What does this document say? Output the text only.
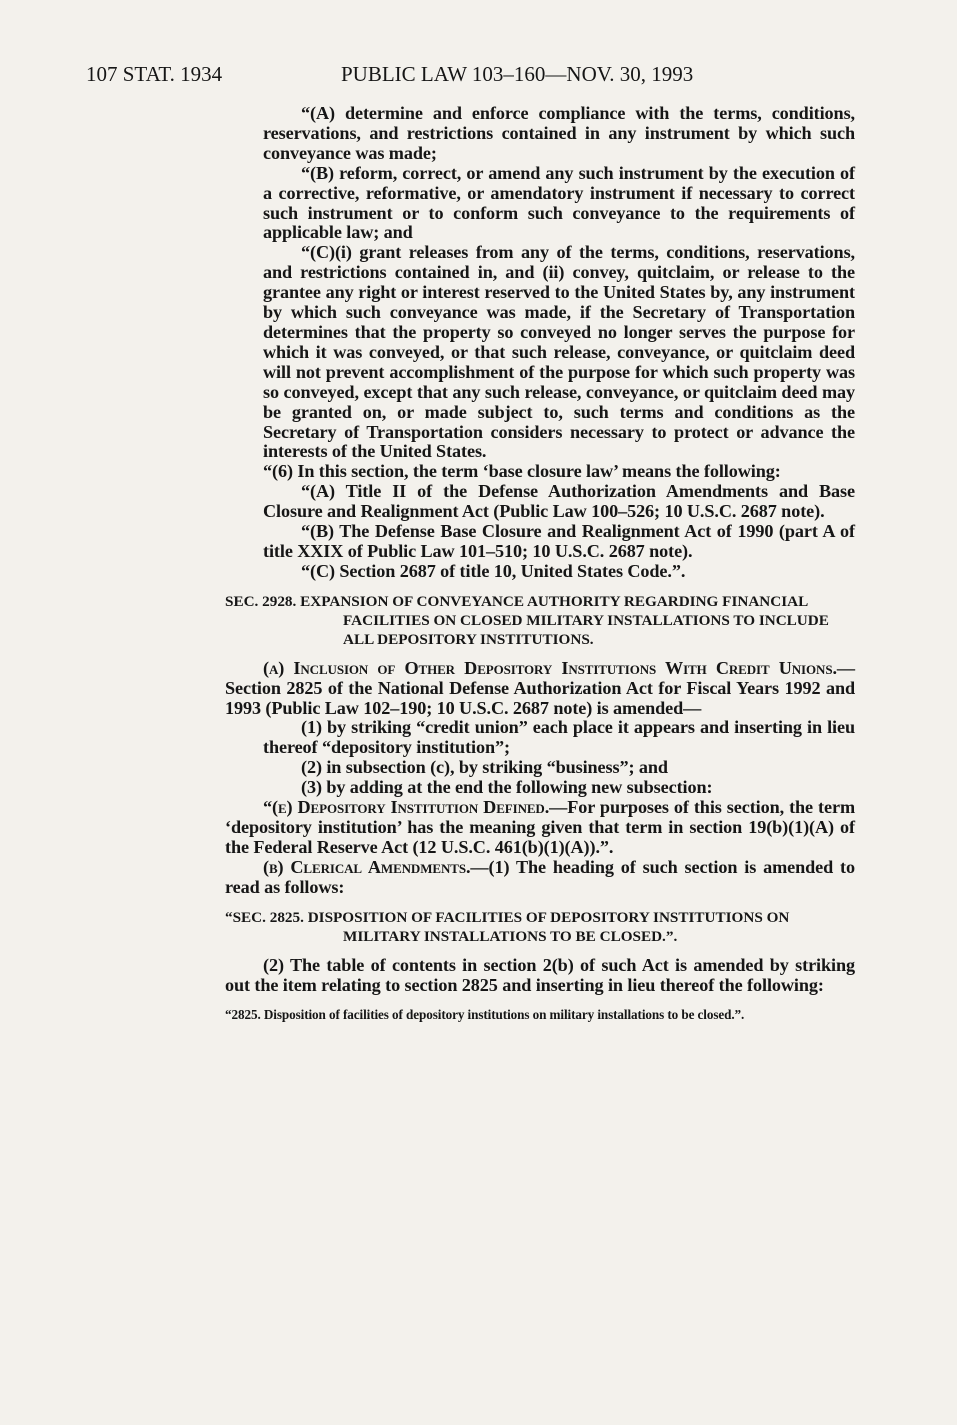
107 STAT. 1934	PUBLIC LAW 103–160—NOV. 30, 1993

“(A) determine and enforce compliance with the terms, conditions, reservations, and restrictions contained in any instrument by which such conveyance was made;

“(B) reform, correct, or amend any such instrument by the execution of a corrective, reformative, or amendatory instrument if necessary to correct such instrument or to conform such conveyance to the requirements of applicable law; and

“(C)(i) grant releases from any of the terms, conditions, reservations, and restrictions contained in, and (ii) convey, quitclaim, or release to the grantee any right or interest reserved to the United States by, any instrument by which such conveyance was made, if the Secretary of Transportation determines that the property so conveyed no longer serves the purpose for which it was conveyed, or that such release, conveyance, or quitclaim deed will not prevent accomplishment of the purpose for which such property was so conveyed, except that any such release, conveyance, or quitclaim deed may be granted on, or made subject to, such terms and conditions as the Secretary of Transportation considers necessary to protect or advance the interests of the United States.

“(6) In this section, the term ‘base closure law’ means the following:

“(A) Title II of the Defense Authorization Amendments and Base Closure and Realignment Act (Public Law 100–526; 10 U.S.C. 2687 note).

“(B) The Defense Base Closure and Realignment Act of 1990 (part A of title XXIX of Public Law 101–510; 10 U.S.C. 2687 note).

“(C) Section 2687 of title 10, United States Code.”.

SEC. 2928. EXPANSION OF CONVEYANCE AUTHORITY REGARDING FINANCIAL FACILITIES ON CLOSED MILITARY INSTALLATIONS TO INCLUDE ALL DEPOSITORY INSTITUTIONS.

(a) Inclusion of Other Depository Institutions With Credit Unions.—Section 2825 of the National Defense Authorization Act for Fiscal Years 1992 and 1993 (Public Law 102–190; 10 U.S.C. 2687 note) is amended—

(1) by striking “credit union” each place it appears and inserting in lieu thereof “depository institution”;

(2) in subsection (c), by striking “business”; and

(3) by adding at the end the following new subsection:

“(e) Depository Institution Defined.—For purposes of this section, the term ‘depository institution’ has the meaning given that term in section 19(b)(1)(A) of the Federal Reserve Act (12 U.S.C. 461(b)(1)(A)).”.

(b) Clerical Amendments.—(1) The heading of such section is amended to read as follows:

“SEC. 2825. DISPOSITION OF FACILITIES OF DEPOSITORY INSTITUTIONS ON MILITARY INSTALLATIONS TO BE CLOSED.”.

(2) The table of contents in section 2(b) of such Act is amended by striking out the item relating to section 2825 and inserting in lieu thereof the following:

“2825. Disposition of facilities of depository institutions on military installations to be closed.”.
